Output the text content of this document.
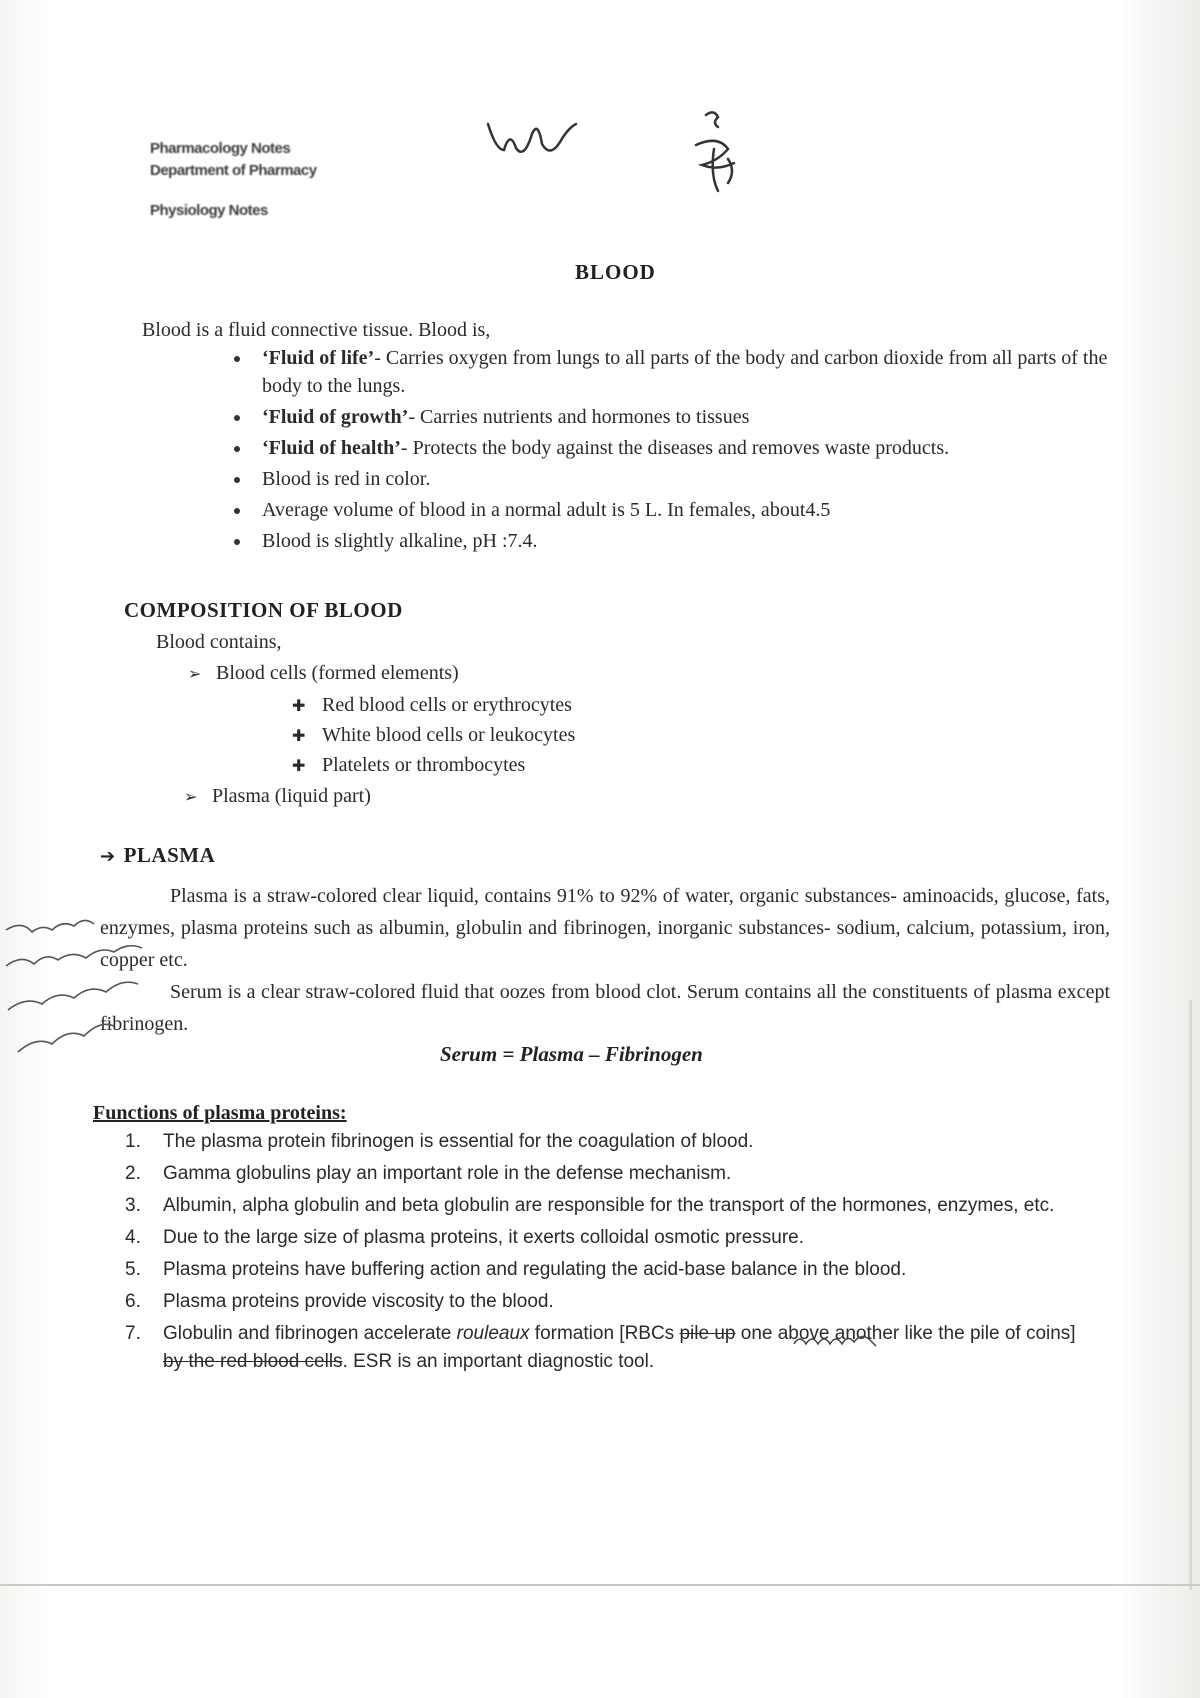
Pharmacology Notes
Department of Pharmacy
Physiology Notes
BLOOD
Blood is a fluid connective tissue. Blood is,
‘Fluid of life’- Carries oxygen from lungs to all parts of the body and carbon dioxide from all parts of the body to the lungs.
‘Fluid of growth’- Carries nutrients and hormones to tissues
‘Fluid of health’- Protects the body against the diseases and removes waste products.
Blood is red in color.
Average volume of blood in a normal adult is 5 L. In females, about4.5
Blood is slightly alkaline, pH :7.4.
COMPOSITION OF BLOOD
Blood contains,
➢ Blood cells (formed elements)
✚ Red blood cells or erythrocytes
✚ White blood cells or leukocytes
✚ Platelets or thrombocytes
➢ Plasma (liquid part)
➔ PLASMA
Plasma is a straw-colored clear liquid, contains 91% to 92% of water, organic substances- aminoacids, glucose, fats, enzymes, plasma proteins such as albumin, globulin and fibrinogen, inorganic substances- sodium, calcium, potassium, iron, copper etc.
Serum is a clear straw-colored fluid that oozes from blood clot. Serum contains all the constituents of plasma except fibrinogen.
Serum = Plasma – Fibrinogen
Functions of plasma proteins:
1. The plasma protein fibrinogen is essential for the coagulation of blood.
2. Gamma globulins play an important role in the defense mechanism.
3. Albumin, alpha globulin and beta globulin are responsible for the transport of the hormones, enzymes, etc.
4. Due to the large size of plasma proteins, it exerts colloidal osmotic pressure.
5. Plasma proteins have buffering action and regulating the acid-base balance in the blood.
6. Plasma proteins provide viscosity to the blood.
7. Globulin and fibrinogen accelerate rouleaux formation [RBCs pile up one above another like the pile of coins] by the red blood cells. ESR is an important diagnostic tool.
